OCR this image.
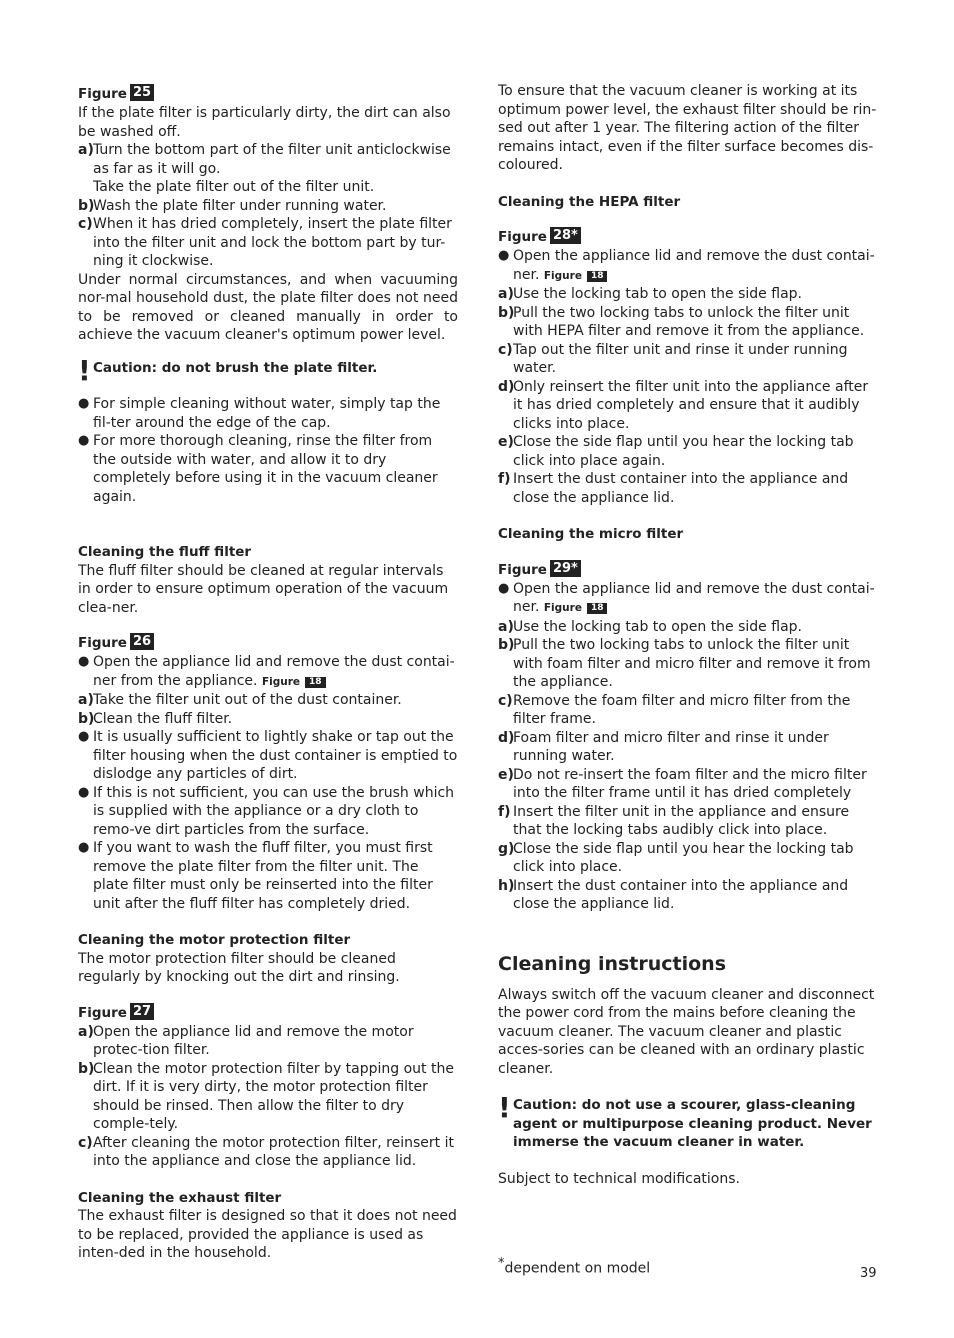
Figure 25

If the plate filter is particularly dirty, the dirt can also be washed off.

a) Turn the bottom part of the filter unit anticlockwise as far as it will go.
Take the plate filter out of the filter unit.
b)
Wash the plate filter under running water.
c) When it has dried completely, insert the plate filter into the filter unit and lock the bottom part by tur-ning it clockwise.

Under normal circumstances, and when vacuuming nor-mal household dust, the plate filter does not need to be removed or cleaned manually in order to achieve the vacuum cleaner's optimum power level.

! Caution: do not brush the plate filter.
● For simple cleaning without water, simply tap the fil-ter around the edge of the cap.
● For more thorough cleaning, rinse the filter from the outside with water, and allow it to dry completely before using it in the vacuum cleaner again.

Cleaning the fluff filter

The fluff filter should be cleaned at regular intervals in order to ensure optimum operation of the vacuum clea-ner.

Figure 26

● Open the appliance lid and remove the dust contai-ner from the appliance. Figure 18
a) Take the filter unit out of the dust container.
b)
Clean the fluff filter.
● It is usually sufficient to lightly shake or tap out the filter housing when the dust container is emptied to dislodge any particles of dirt.
● If this is not sufficient, you can use the brush which is supplied with the appliance or a dry cloth to remo-ve dirt particles from the surface.
● If you want to wash the fluff filter, you must first remove the plate filter from the filter unit. The plate filter must only be reinserted into the filter unit after the fluff filter has completely dried.

Cleaning the motor protection filter

The motor protection filter should be cleaned regularly by knocking out the dirt and rinsing.

Figure 27

a) Open the appliance lid and remove the motor protec-tion filter.
b)
Clean the motor protection filter by tapping out the dirt. If it is very dirty, the motor protection filter should be rinsed. Then allow the filter to dry comple-tely.
c) After cleaning the motor protection filter, reinsert it into the appliance and close the appliance lid.

Cleaning the exhaust filter

The exhaust filter is designed so that it does not need to be replaced, provided the appliance is used as inten-ded in the household.

To ensure that the vacuum cleaner is working at its optimum power level, the exhaust filter should be rin-sed out after 1 year. The filtering action of the filter remains intact, even if the filter surface becomes dis-coloured.

Cleaning the HEPA filter

Figure 28*

● Open the appliance lid and remove the dust contai-ner. Figure 18
a) Use the locking tab to open the side flap.
b)
Pull the two locking tabs to unlock the filter unit with HEPA filter and remove it from the appliance.
c) Tap out the filter unit and rinse it under running water.
d)
Only reinsert the filter unit into the appliance after it has dried completely and ensure that it audibly clicks into place.
e) Close the side flap until you hear the locking tab click into place again.
f) Insert the dust container into the appliance and close the appliance lid.

Cleaning the micro filter

Figure 29*

● Open the appliance lid and remove the dust contai-ner. Figure 18
a) Use the locking tab to open the side flap.
b)
Pull the two locking tabs to unlock the filter unit with foam filter and micro filter and remove it from the appliance.
c) Remove the foam filter and micro filter from the filter frame.
d)
Foam filter and micro filter and rinse it under running water.
e) Do not re-insert the foam filter and the micro filter into the filter frame until it has dried completely
f) Insert the filter unit in the appliance and ensure that the locking tabs audibly click into place.
g)
Close the side flap until you hear the locking tab click into place.
h)
Insert the dust container into the appliance and close the appliance lid.

Cleaning instructions

Always switch off the vacuum cleaner and disconnect the power cord from the mains before cleaning the vacuum cleaner. The vacuum cleaner and plastic acces-sories can be cleaned with an ordinary plastic cleaner.

! Caution: do not use a scourer, glass-cleaning agent or multipurpose cleaning product. Never immerse the vacuum cleaner in water.

Subject to technical modifications.

*dependent on model	39
